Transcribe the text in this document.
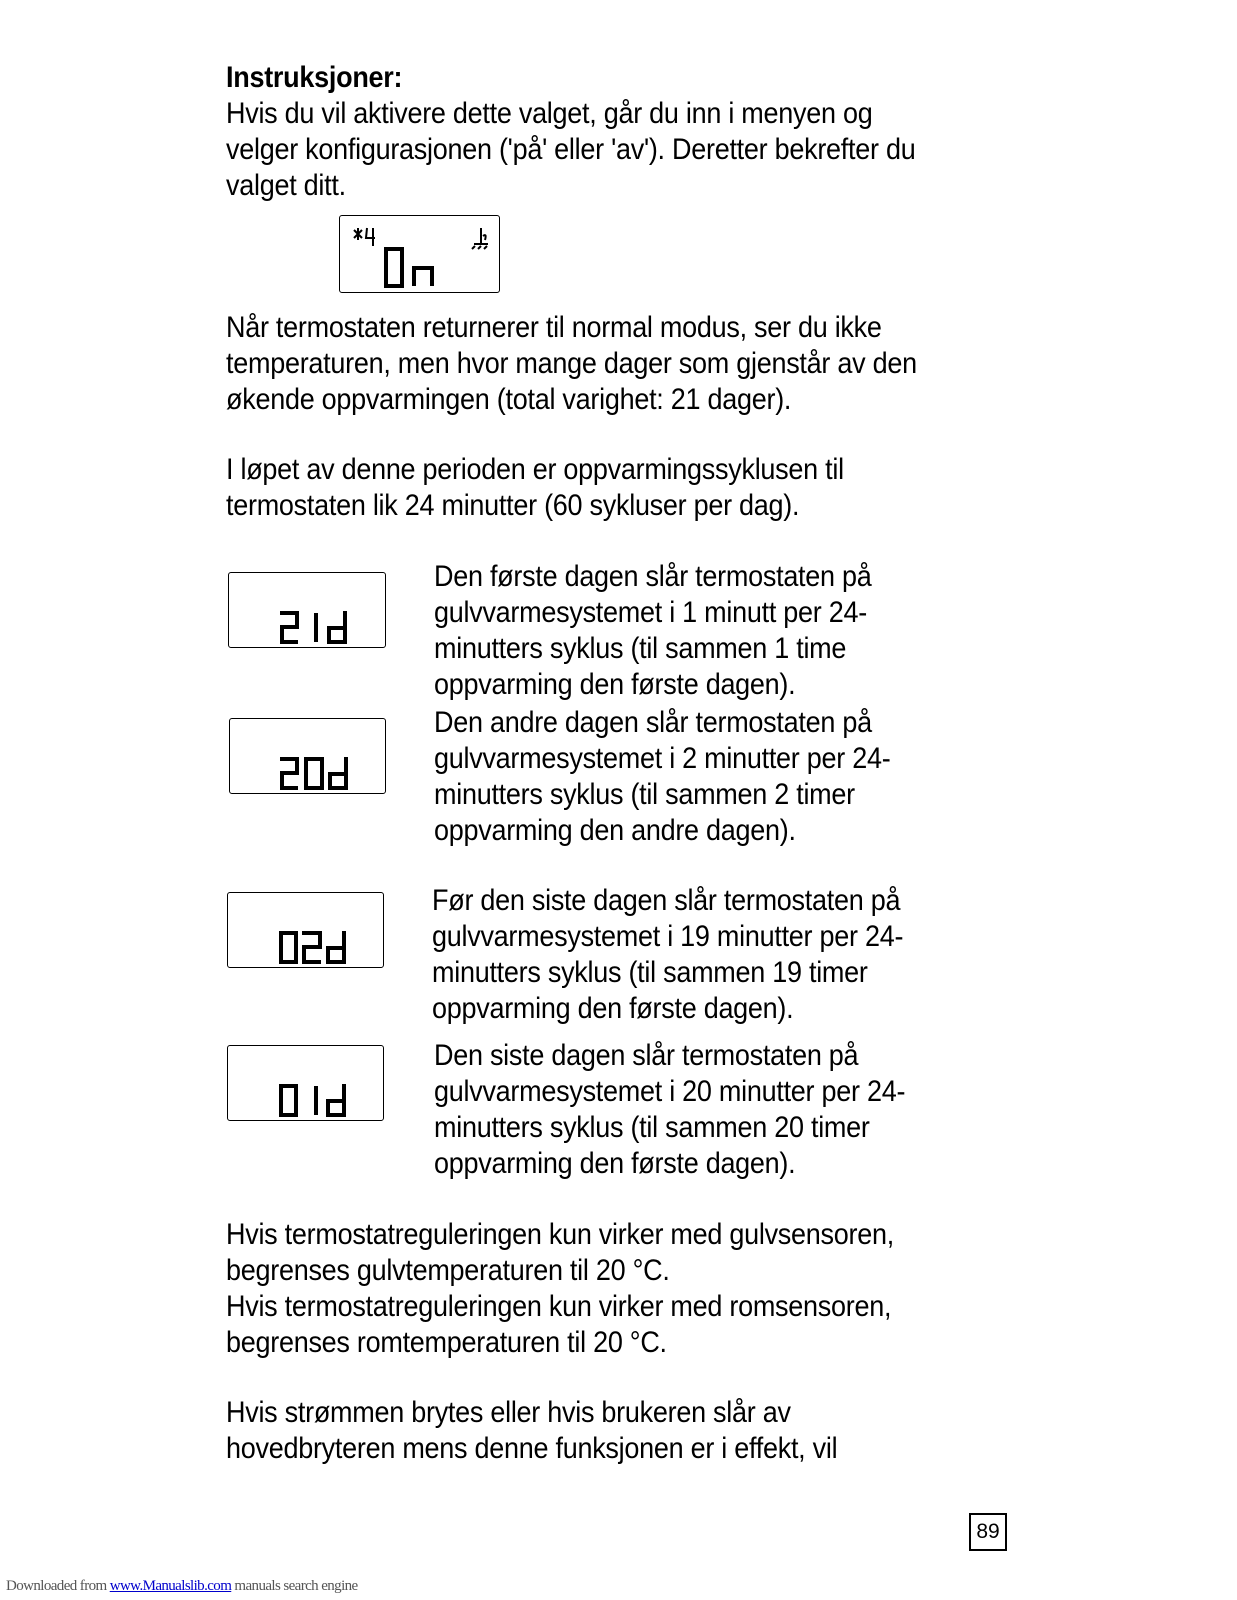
Instruksjoner:
Hvis du vil aktivere dette valget, går du inn i menyen og
velger konfigurasjonen ('på' eller 'av'). Deretter bekrefter du
valget ditt.
Når termostaten returnerer til normal modus, ser du ikke
temperaturen, men hvor mange dager som gjenstår av den
økende oppvarmingen (total varighet: 21 dager).
I løpet av denne perioden er oppvarmingssyklusen til
termostaten lik 24 minutter (60 sykluser per dag).
Den første dagen slår termostaten på
gulvvarmesystemet i 1 minutt per 24-
minutters syklus (til sammen 1 time
oppvarming den første dagen).
Den andre dagen slår termostaten på
gulvvarmesystemet i 2 minutter per 24-
minutters syklus (til sammen 2 timer
oppvarming den andre dagen).
Før den siste dagen slår termostaten på
gulvvarmesystemet i 19 minutter per 24-
minutters syklus (til sammen 19 timer
oppvarming den første dagen).
Den siste dagen slår termostaten på
gulvvarmesystemet i 20 minutter per 24-
minutters syklus (til sammen 20 timer
oppvarming den første dagen).
Hvis termostatreguleringen kun virker med gulvsensoren,
begrenses gulvtemperaturen til 20 °C.
Hvis termostatreguleringen kun virker med romsensoren,
begrenses romtemperaturen til 20 °C.
Hvis strømmen brytes eller hvis brukeren slår av
hovedbryteren mens denne funksjonen er i effekt, vil
89
Downloaded from www.Manualslib.com manuals search engine
